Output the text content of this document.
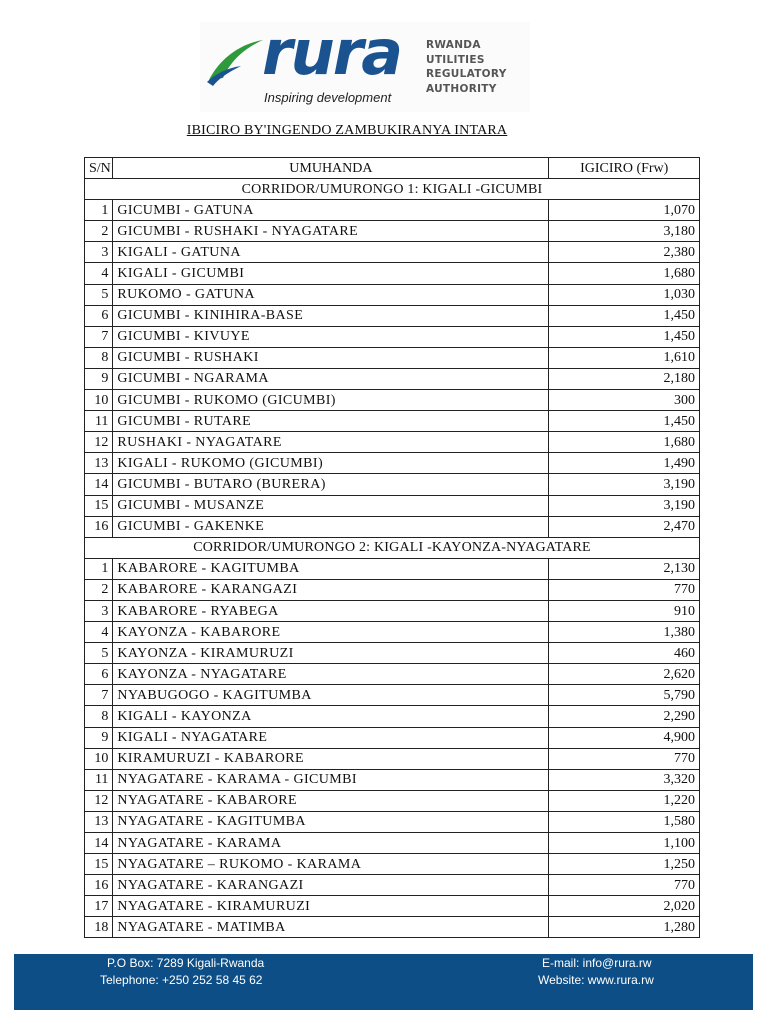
rura
Inspiring development
RWANDA
UTILITIES
REGULATORY
AUTHORITY
IBICIRO BY'INGENDO ZAMBUKIRANYA INTARA
S/N	UMUHANDA	IGICIRO (Frw)
CORRIDOR/UMURONGO 1: KIGALI -GICUMBI		
1	GICUMBI - GATUNA	1,070
2	GICUMBI - RUSHAKI - NYAGATARE	3,180
3	KIGALI - GATUNA	2,380
4	KIGALI - GICUMBI	1,680
5	RUKOMO - GATUNA	1,030
6	GICUMBI - KINIHIRA-BASE	1,450
7	GICUMBI - KIVUYE	1,450
8	GICUMBI - RUSHAKI	1,610
9	GICUMBI - NGARAMA	2,180
10	GICUMBI - RUKOMO (GICUMBI)	300
11	GICUMBI - RUTARE	1,450
12	RUSHAKI - NYAGATARE	1,680
13	KIGALI - RUKOMO (GICUMBI)	1,490
14	GICUMBI - BUTARO (BURERA)	3,190
15	GICUMBI - MUSANZE	3,190
16	GICUMBI - GAKENKE	2,470
CORRIDOR/UMURONGO 2: KIGALI -KAYONZA-NYAGATARE		
1	KABARORE - KAGITUMBA	2,130
2	KABARORE - KARANGAZI	770
3	KABARORE - RYABEGA	910
4	KAYONZA - KABARORE	1,380
5	KAYONZA - KIRAMURUZI	460
6	KAYONZA - NYAGATARE	2,620
7	NYABUGOGO - KAGITUMBA	5,790
8	KIGALI - KAYONZA	2,290
9	KIGALI - NYAGATARE	4,900
10	KIRAMURUZI - KABARORE	770
11	NYAGATARE - KARAMA - GICUMBI	3,320
12	NYAGATARE - KABARORE	1,220
13	NYAGATARE - KAGITUMBA	1,580
14	NYAGATARE - KARAMA	1,100
15	NYAGATARE – RUKOMO - KARAMA	1,250
16	NYAGATARE - KARANGAZI	770
17	NYAGATARE - KIRAMURUZI	2,020
18	NYAGATARE - MATIMBA	1,280
P.O Box: 7289 Kigali-Rwanda
Telephone: +250 252 58 45 62
E-mail: info@rura.rw
Website: www.rura.rw
